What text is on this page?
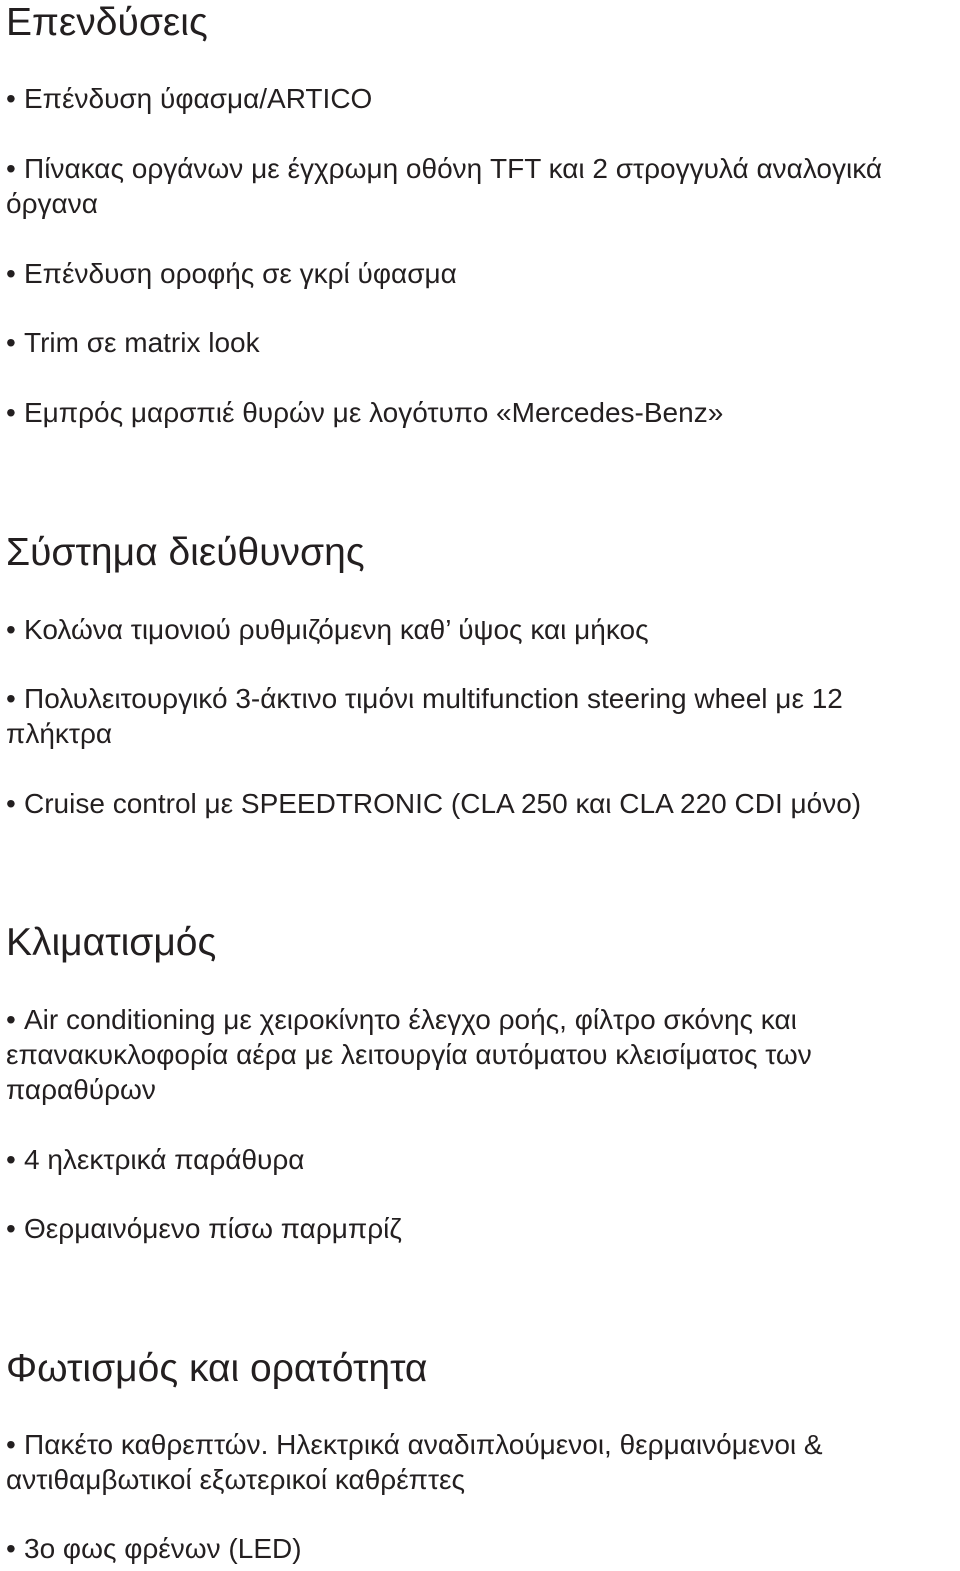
Επενδύσεις

• Επένδυση ύφασμα/ARTICO

• Πίνακας οργάνων με έγχρωμη οθόνη TFT και 2 στρογγυλά αναλογικά όργανα

• Επένδυση οροφής σε γκρί ύφασμα

• Trim σε matrix look

• Εμπρός μαρσπιέ θυρών με λογότυπο «Mercedes-Benz»

Σύστημα διεύθυνσης

• Κολώνα τιμονιού ρυθμιζόμενη καθ’ ύψος και μήκος

• Πολυλειτουργικό 3-άκτινο τιμόνι multifunction steering wheel με 12 πλήκτρα

• Cruise control με SPEEDTRONIC (CLA 250 και CLA 220 CDI μόνο)

Κλιματισμός

• Air conditioning με χειροκίνητο έλεγχο ροής, φίλτρο σκόνης και επανακυκλοφορία αέρα με λειτουργία αυτόματου κλεισίματος των παραθύρων

• 4 ηλεκτρικά παράθυρα

• Θερμαινόμενο πίσω παρμπρίζ

Φωτισμός και ορατότητα

• Πακέτο καθρεπτών. Ηλεκτρικά αναδιπλούμενοι, θερμαινόμενοι & αντιθαμβωτικοί εξωτερικοί καθρέπτες

• 3ο φως φρένων (LED)
